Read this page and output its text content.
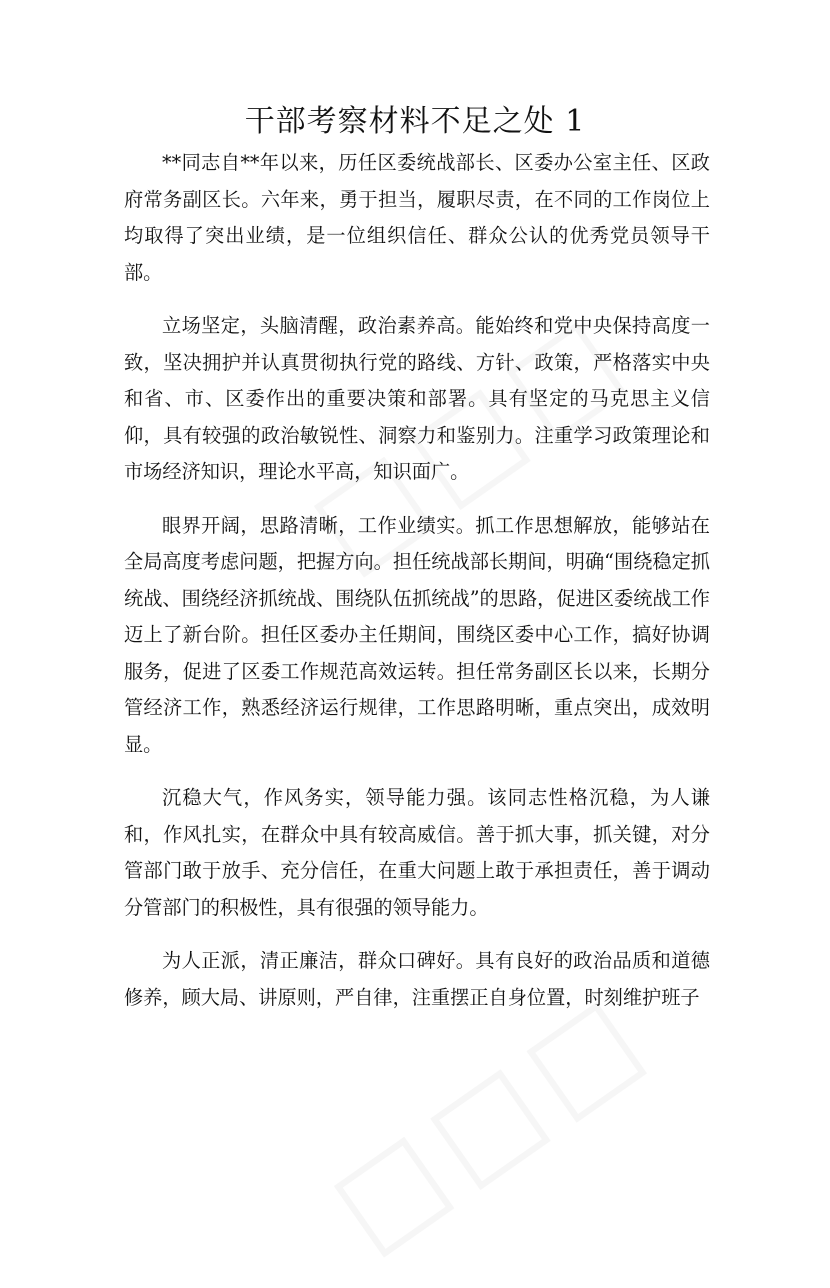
干部考察材料不足之处 1

**同志自**年以来，历任区委统战部长、区委办公室主任、区政府常务副区长。六年来，勇于担当，履职尽责，在不同的工作岗位上均取得了突出业绩，是一位组织信任、群众公认的优秀党员领导干部。

立场坚定，头脑清醒，政治素养高。能始终和党中央保持高度一致，坚决拥护并认真贯彻执行党的路线、方针、政策，严格落实中央和省、市、区委作出的重要决策和部署。具有坚定的马克思主义信仰，具有较强的政治敏锐性、洞察力和鉴别力。注重学习政策理论和市场经济知识，理论水平高，知识面广。

眼界开阔，思路清晰，工作业绩实。抓工作思想解放，能够站在全局高度考虑问题，把握方向。担任统战部长期间，明确“围绕稳定抓统战、围绕经济抓统战、围绕队伍抓统战”的思路，促进区委统战工作迈上了新台阶。担任区委办主任期间，围绕区委中心工作，搞好协调服务，促进了区委工作规范高效运转。担任常务副区长以来，长期分管经济工作，熟悉经济运行规律，工作思路明晰，重点突出，成效明显。

沉稳大气，作风务实，领导能力强。该同志性格沉稳，为人谦和，作风扎实，在群众中具有较高威信。善于抓大事，抓关键，对分管部门敢于放手、充分信任，在重大问题上敢于承担责任，善于调动分管部门的积极性，具有很强的领导能力。

为人正派，清正廉洁，群众口碑好。具有良好的政治品质和道德修养，顾大局、讲原则，严自律，注重摆正自身位置，时刻维护班子
